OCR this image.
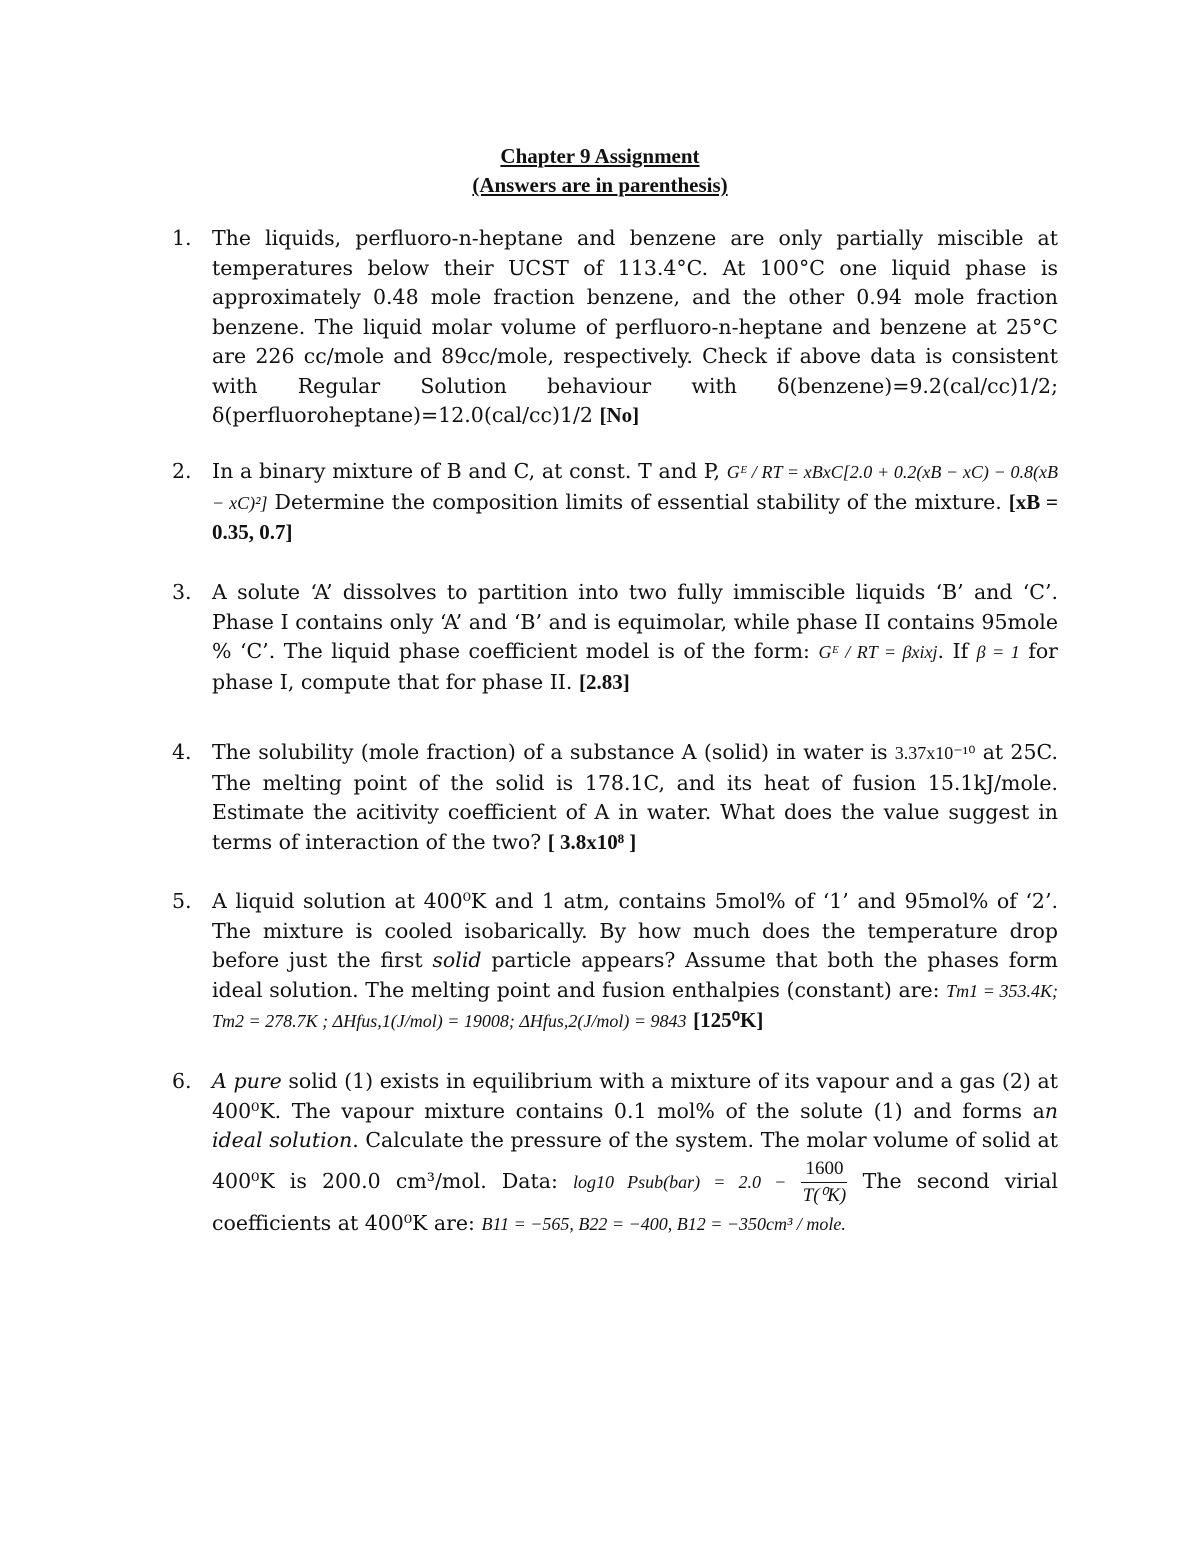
Chapter 9 Assignment
(Answers are in parenthesis)
1. The liquids, perfluoro-n-heptane and benzene are only partially miscible at temperatures below their UCST of 113.4°C. At 100°C one liquid phase is approximately 0.48 mole fraction benzene, and the other 0.94 mole fraction benzene. The liquid molar volume of perfluoro-n-heptane and benzene at 25°C are 226 cc/mole and 89cc/mole, respectively. Check if above data is consistent with Regular Solution behaviour with δ(benzene)=9.2(cal/cc)1/2; δ(perfluoroheptane)=12.0(cal/cc)1/2 [No]
2. In a binary mixture of B and C, at const. T and P, Gᴱ / RT = xBxC[2.0 + 0.2(xB − xC) − 0.8(xB − xC)²] Determine the composition limits of essential stability of the mixture. [xB = 0.35, 0.7]
3. A solute ‘A’ dissolves to partition into two fully immiscible liquids ‘B’ and ‘C’. Phase I contains only ‘A’ and ‘B’ and is equimolar, while phase II contains 95mole % ‘C’. The liquid phase coefficient model is of the form: Gᴱ / RT = βxixj. If β = 1 for phase I, compute that for phase II. [2.83]
4. The solubility (mole fraction) of a substance A (solid) in water is 3.37x10⁻¹⁰ at 25C. The melting point of the solid is 178.1C, and its heat of fusion 15.1kJ/mole. Estimate the acitivity coefficient of A in water. What does the value suggest in terms of interaction of the two? [ 3.8x10⁸ ]
5. A liquid solution at 400⁰K and 1 atm, contains 5mol% of ‘1’ and 95mol% of ‘2’. The mixture is cooled isobarically. By how much does the temperature drop before just the first solid particle appears? Assume that both the phases form ideal solution. The melting point and fusion enthalpies (constant) are: Tm1 = 353.4K; Tm2 = 278.7K ; ΔHfus,1(J/mol) = 19008; ΔHfus,2(J/mol) = 9843 [125⁰K]
6. A pure solid (1) exists in equilibrium with a mixture of its vapour and a gas (2) at 400⁰K. The vapour mixture contains 0.1 mol% of the solute (1) and forms an ideal solution. Calculate the pressure of the system. The molar volume of solid at 400⁰K is 200.0 cm³/mol. Data: log10 Psub(bar) = $2.0 - \frac{1600}{\text{T(⁰K)}}$ The second virial coefficients at 400⁰K are: B11 = −565, B22 = −400, B12 = −350cm³ / mole.
